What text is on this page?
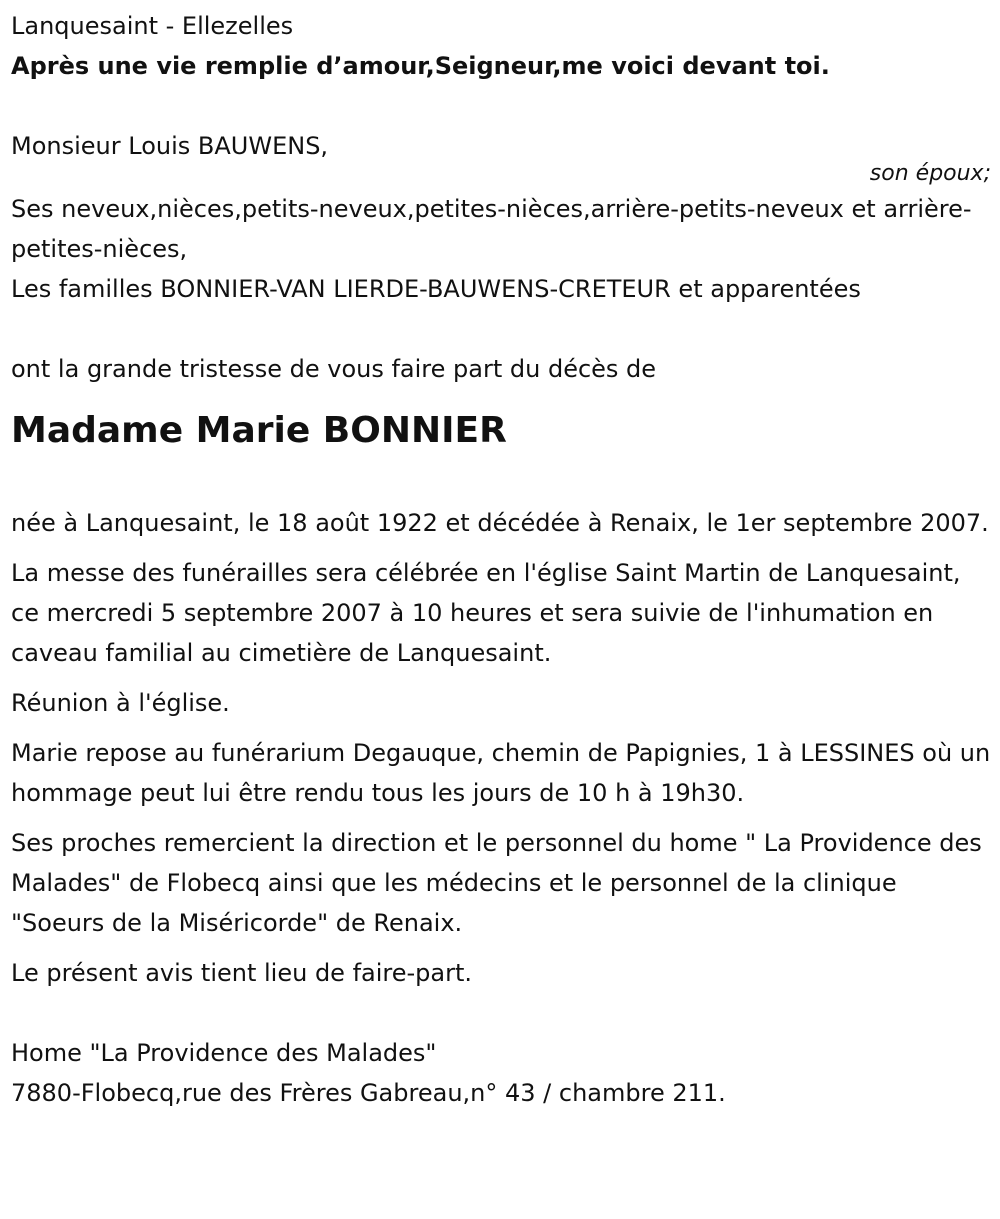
Lanquesaint - Ellezelles
Après une vie remplie d’amour,Seigneur,me voici devant toi.
Monsieur Louis BAUWENS,
son époux;

Ses neveux,nièces,petits-neveux,petites-nièces,arrière-petits-neveux et arrière-petites-nièces,

Les familles BONNIER-VAN LIERDE-BAUWENS-CRETEUR et apparentées
ont la grande tristesse de vous faire part du décès de
Madame Marie BONNIER

née à Lanquesaint, le 18 août 1922 et décédée à Renaix, le 1er septembre 2007.

La messe des funérailles sera célébrée en l'église Saint Martin de Lanquesaint, ce mercredi 5 septembre 2007 à 10 heures et sera suivie de l'inhumation en caveau familial au cimetière de Lanquesaint.

Réunion à l'église.

Marie repose au funérarium Degauque, chemin de Papignies, 1 à LESSINES où un hommage peut lui être rendu tous les jours de 10 h à 19h30.

Ses proches remercient la direction et le personnel du home " La Providence des Malades" de Flobecq ainsi que les médecins et le personnel de la clinique "Soeurs de la Miséricorde" de Renaix.

Le présent avis tient lieu de faire-part.

Home "La Providence des Malades"
7880-Flobecq,rue des Frères Gabreau,n° 43 / chambre 211.
